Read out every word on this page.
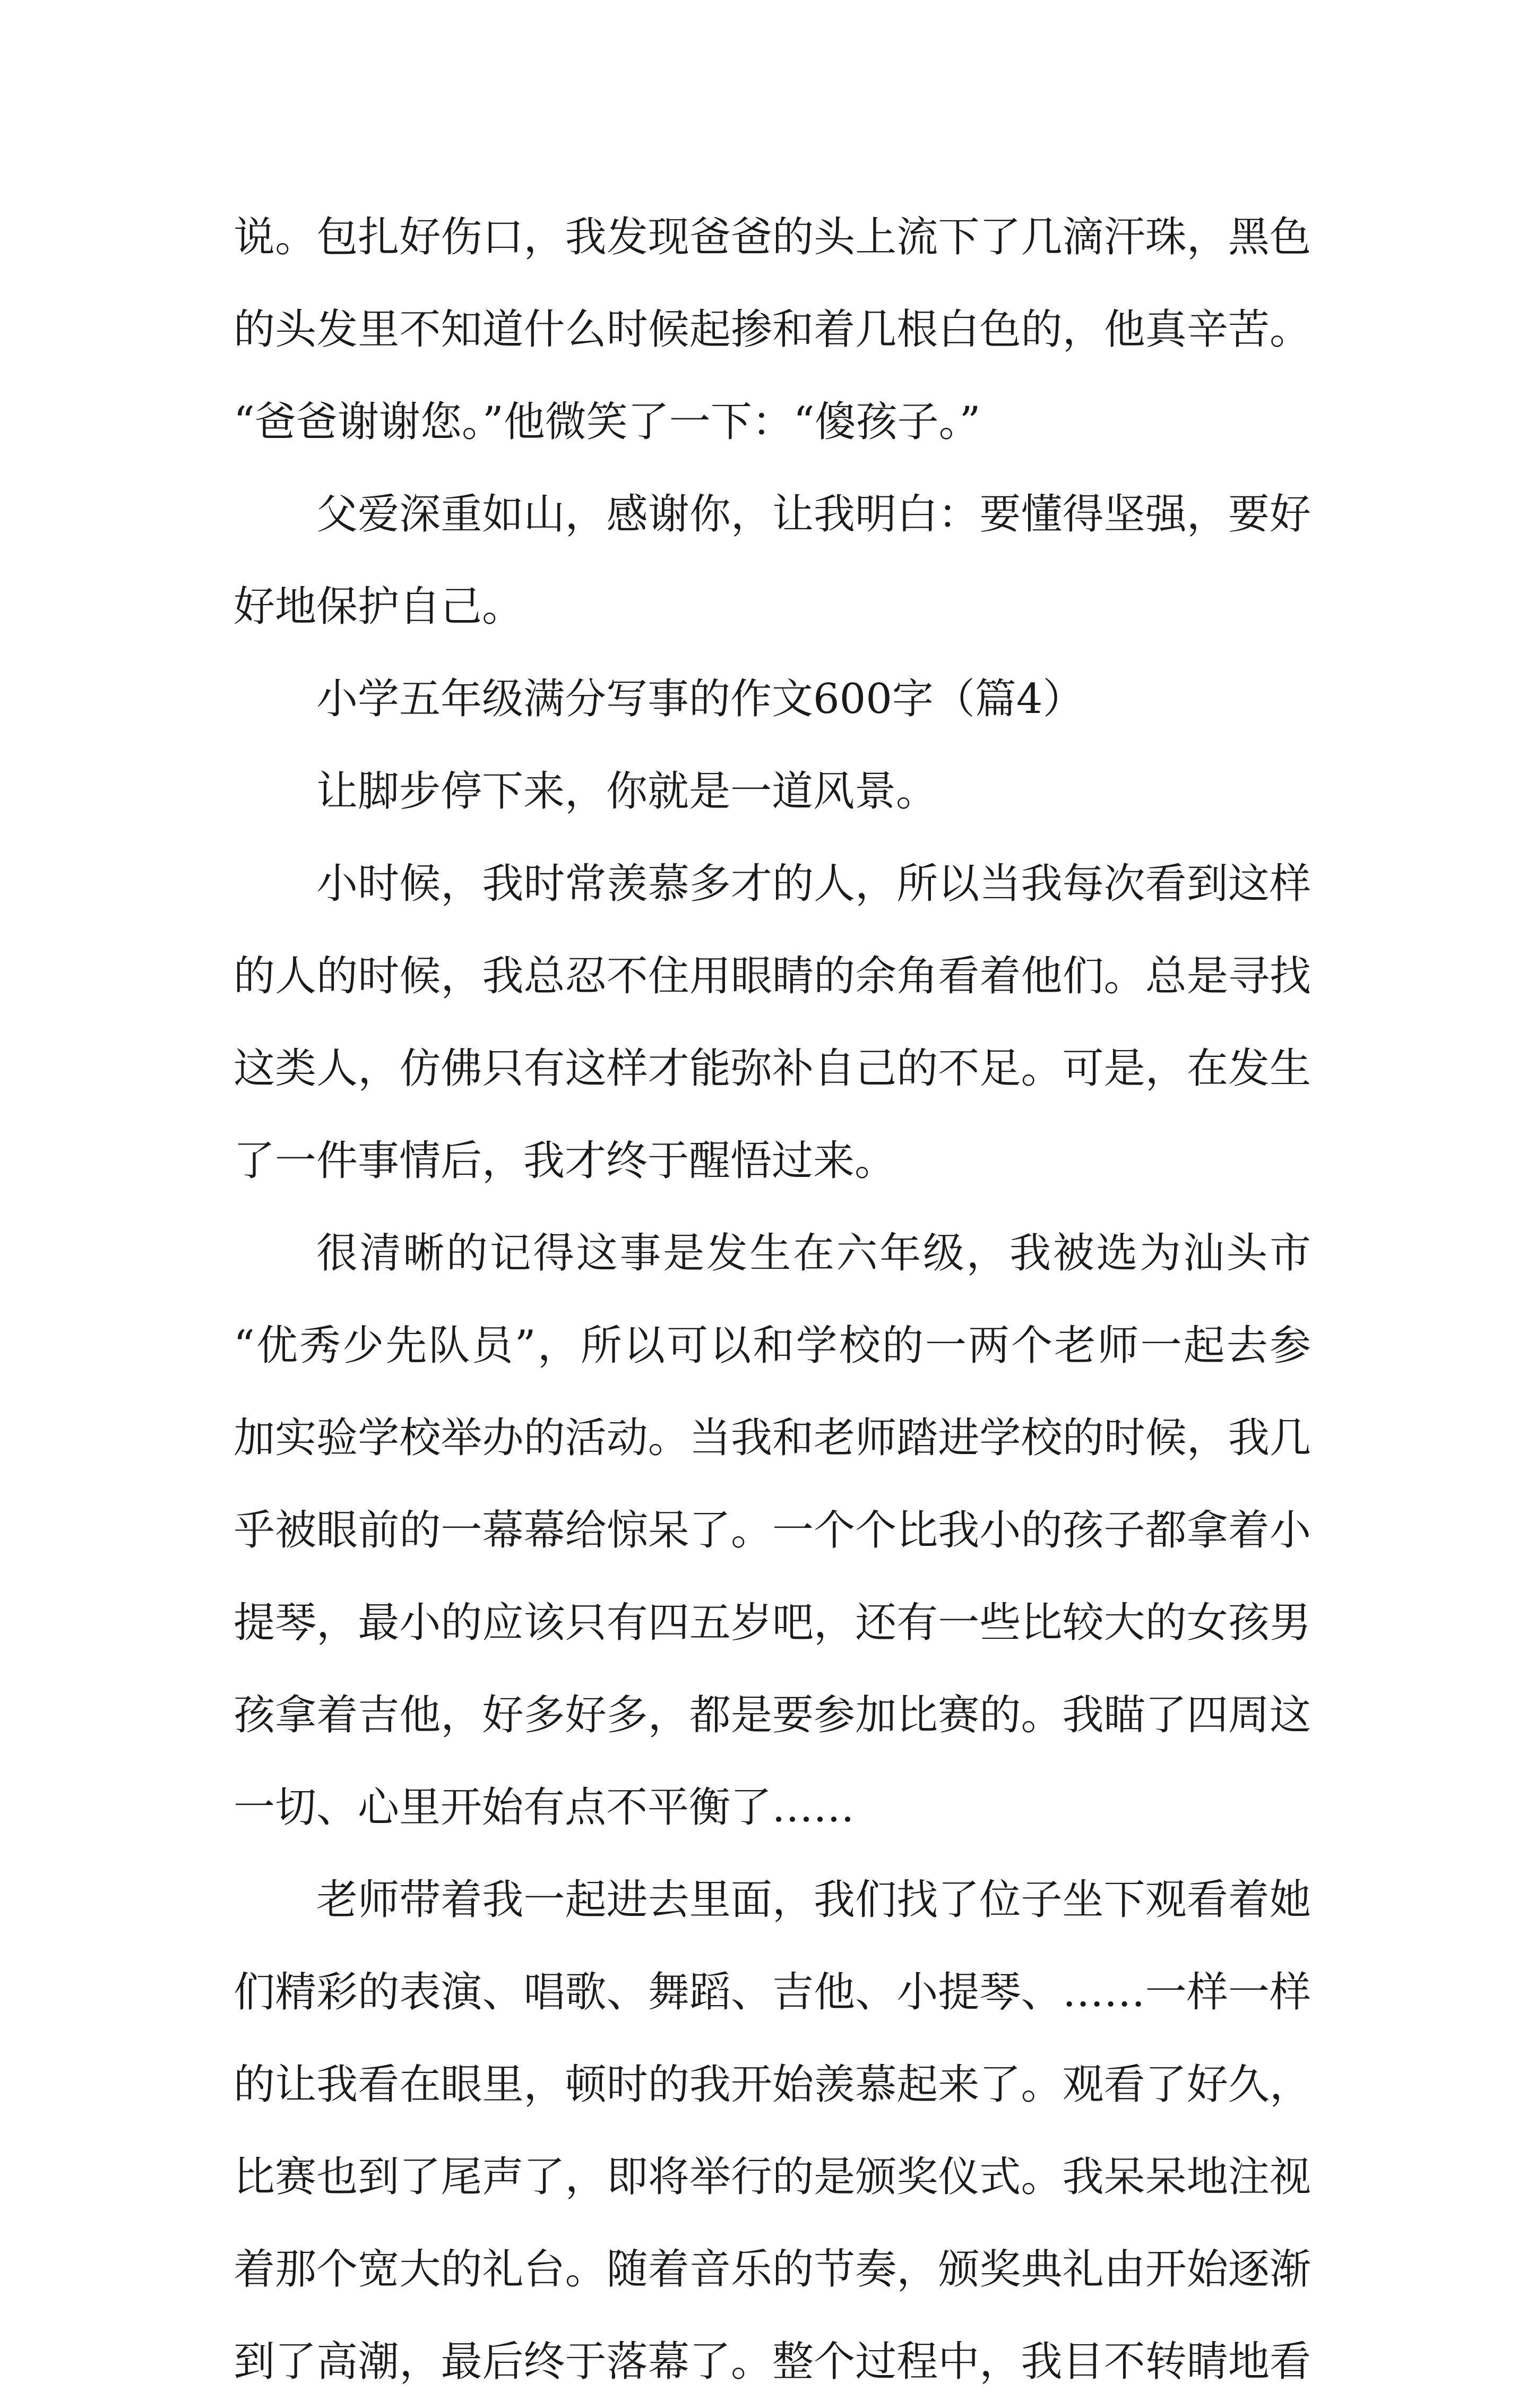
说。包扎好伤口，我发现爸爸的头上流下了几滴汗珠，黑色
的头发里不知道什么时候起掺和着几根白色的，他真辛苦。
“爸爸谢谢您。”他微笑了一下：“傻孩子。”
父爱深重如山，感谢你，让我明白：要懂得坚强，要好
好地保护自己。
小学五年级满分写事的作文600字（篇4）
让脚步停下来，你就是一道风景。
小时候，我时常羡慕多才的人，所以当我每次看到这样
的人的时候，我总忍不住用眼睛的余角看着他们。总是寻找
这类人，仿佛只有这样才能弥补自己的不足。可是，在发生
了一件事情后，我才终于醒悟过来。
很清晰的记得这事是发生在六年级，我被选为汕头市
“优秀少先队员”，所以可以和学校的一两个老师一起去参
加实验学校举办的活动。当我和老师踏进学校的时候，我几
乎被眼前的一幕幕给惊呆了。一个个比我小的孩子都拿着小
提琴，最小的应该只有四五岁吧，还有一些比较大的女孩男
孩拿着吉他，好多好多，都是要参加比赛的。我瞄了四周这
一切、心里开始有点不平衡了……
老师带着我一起进去里面，我们找了位子坐下观看着她
们精彩的表演、唱歌、舞蹈、吉他、小提琴、……一样一样
的让我看在眼里，顿时的我开始羡慕起来了。观看了好久，
比赛也到了尾声了，即将举行的是颁奖仪式。我呆呆地注视
着那个宽大的礼台。随着音乐的节奏，颁奖典礼由开始逐渐
到了高潮，最后终于落幕了。整个过程中，我目不转睛地看
